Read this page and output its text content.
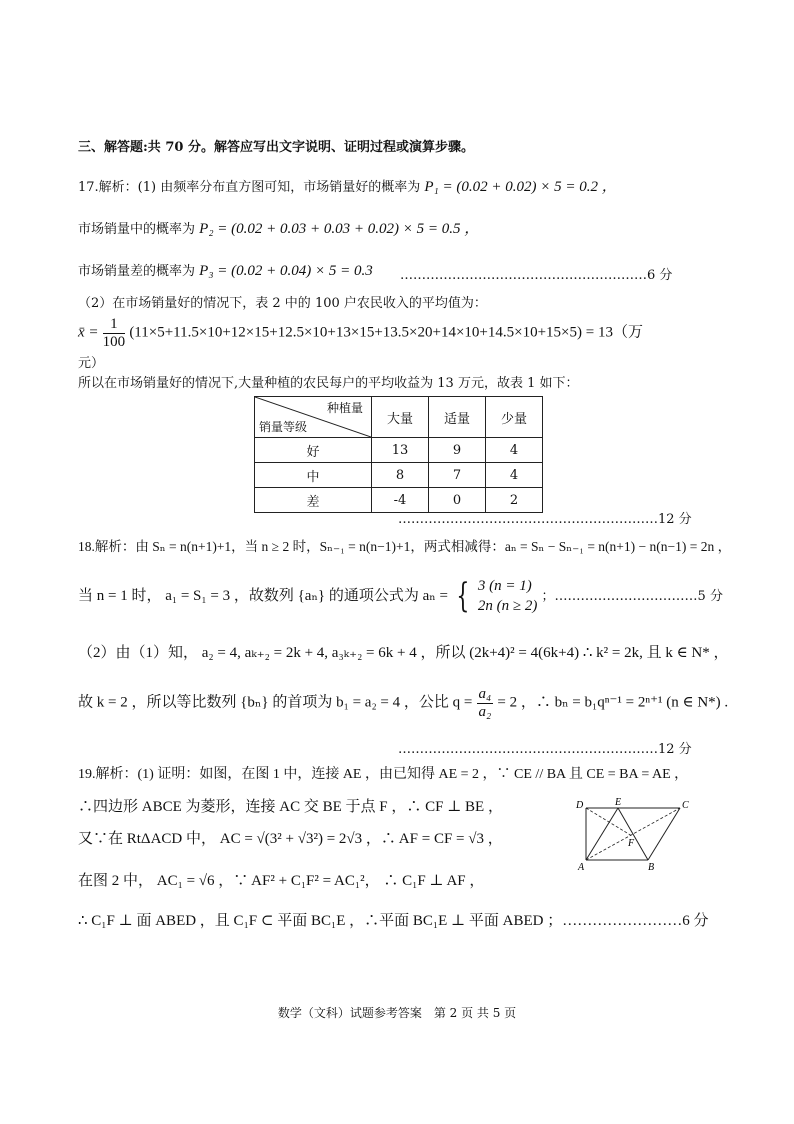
三、解答题:共 70 分。解答应写出文字说明、证明过程或演算步骤。
17.解析：(1) 由频率分布直方图可知，市场销量好的概率为 P₁ = (0.02 + 0.02) × 5 = 0.2 ，
市场销量中的概率为 P₂ = (0.02 + 0.03 + 0.03 + 0.02) × 5 = 0.5 ，
市场销量差的概率为 P₃ = (0.02 + 0.04) × 5 = 0.3 …………………………………………………6 分
（2）在市场销量好的情况下，表 2 中的 100 户农民收入的平均值为：
x̄ = $\frac{1}{100} (11\times 5+11.5\times 10+12\times 15+12.5\times 10+13\times 15+13.5\times 20+14\times 10+14.5\times 10+15\times 5) = 13$（万
元）
所以在市场销量好的情况下,大量种植的农民每户的平均收益为 13 万元，故表 1 如下：
种植量
销量等级	大量	适量	少量
好	13	9	4
中	8	7	4
差	-4	0	2
……………………………………………………12 分
18.解析：由 Sₙ = n(n+1)+1，当 n ≥ 2 时，Sₙ₋₁ = n(n−1)+1，两式相减得：aₙ = Sₙ − Sₙ₋₁ = n(n+1) − n(n−1) = 2n ，
当 n = 1 时， a₁ = S₁ = 3 ，故数列 {aₙ} 的通项公式为 aₙ = { 3 (n = 1)
2n (n ≥ 2)
；……………………………5 分
（2）由（1）知， a₂ = 4, aₖ₊₂ = 2k + 4, a₃ₖ₊₂ = 6k + 4 ，所以 (2k+4)² = 4(6k+4) ∴ k² = 2k, 且 k ∈ N* ，
故 k = 2 ，所以等比数列 {bₙ} 的首项为 b₁ = a₂ = 4 ，公比 $q = \frac{\text{a₄}}{\text{a₂}} = 2$ ，∴ bₙ = b₁qⁿ⁻¹ = 2ⁿ⁺¹ (n ∈ N*) .
……………………………………………………12 分
19.解析：(1) 证明：如图，在图 1 中，连接 AE ，由已知得 AE = 2 ，∵ CE // BA 且 CE = BA = AE ，
∴四边形 ABCE 为菱形，连接 AC 交 BE 于点 F ，∴ CF ⊥ BE ，
又∵在 RtΔACD 中， AC = √(3² + √3²) = 2√3 ，∴ AF = CF = √3 ，
在图 2 中， AC₁ = √6 ，∵ AF² + C₁F² = AC₁²， ∴ C₁F ⊥ AF ，
∴ C₁F ⊥ 面 ABED ，且 C₁F ⊂ 平面 BC₁E ，∴平面 BC₁E ⊥ 平面 ABED ；……………………6 分
D	E	C
F
A	B
数学（文科）试题参考答案　第 2 页 共 5 页
